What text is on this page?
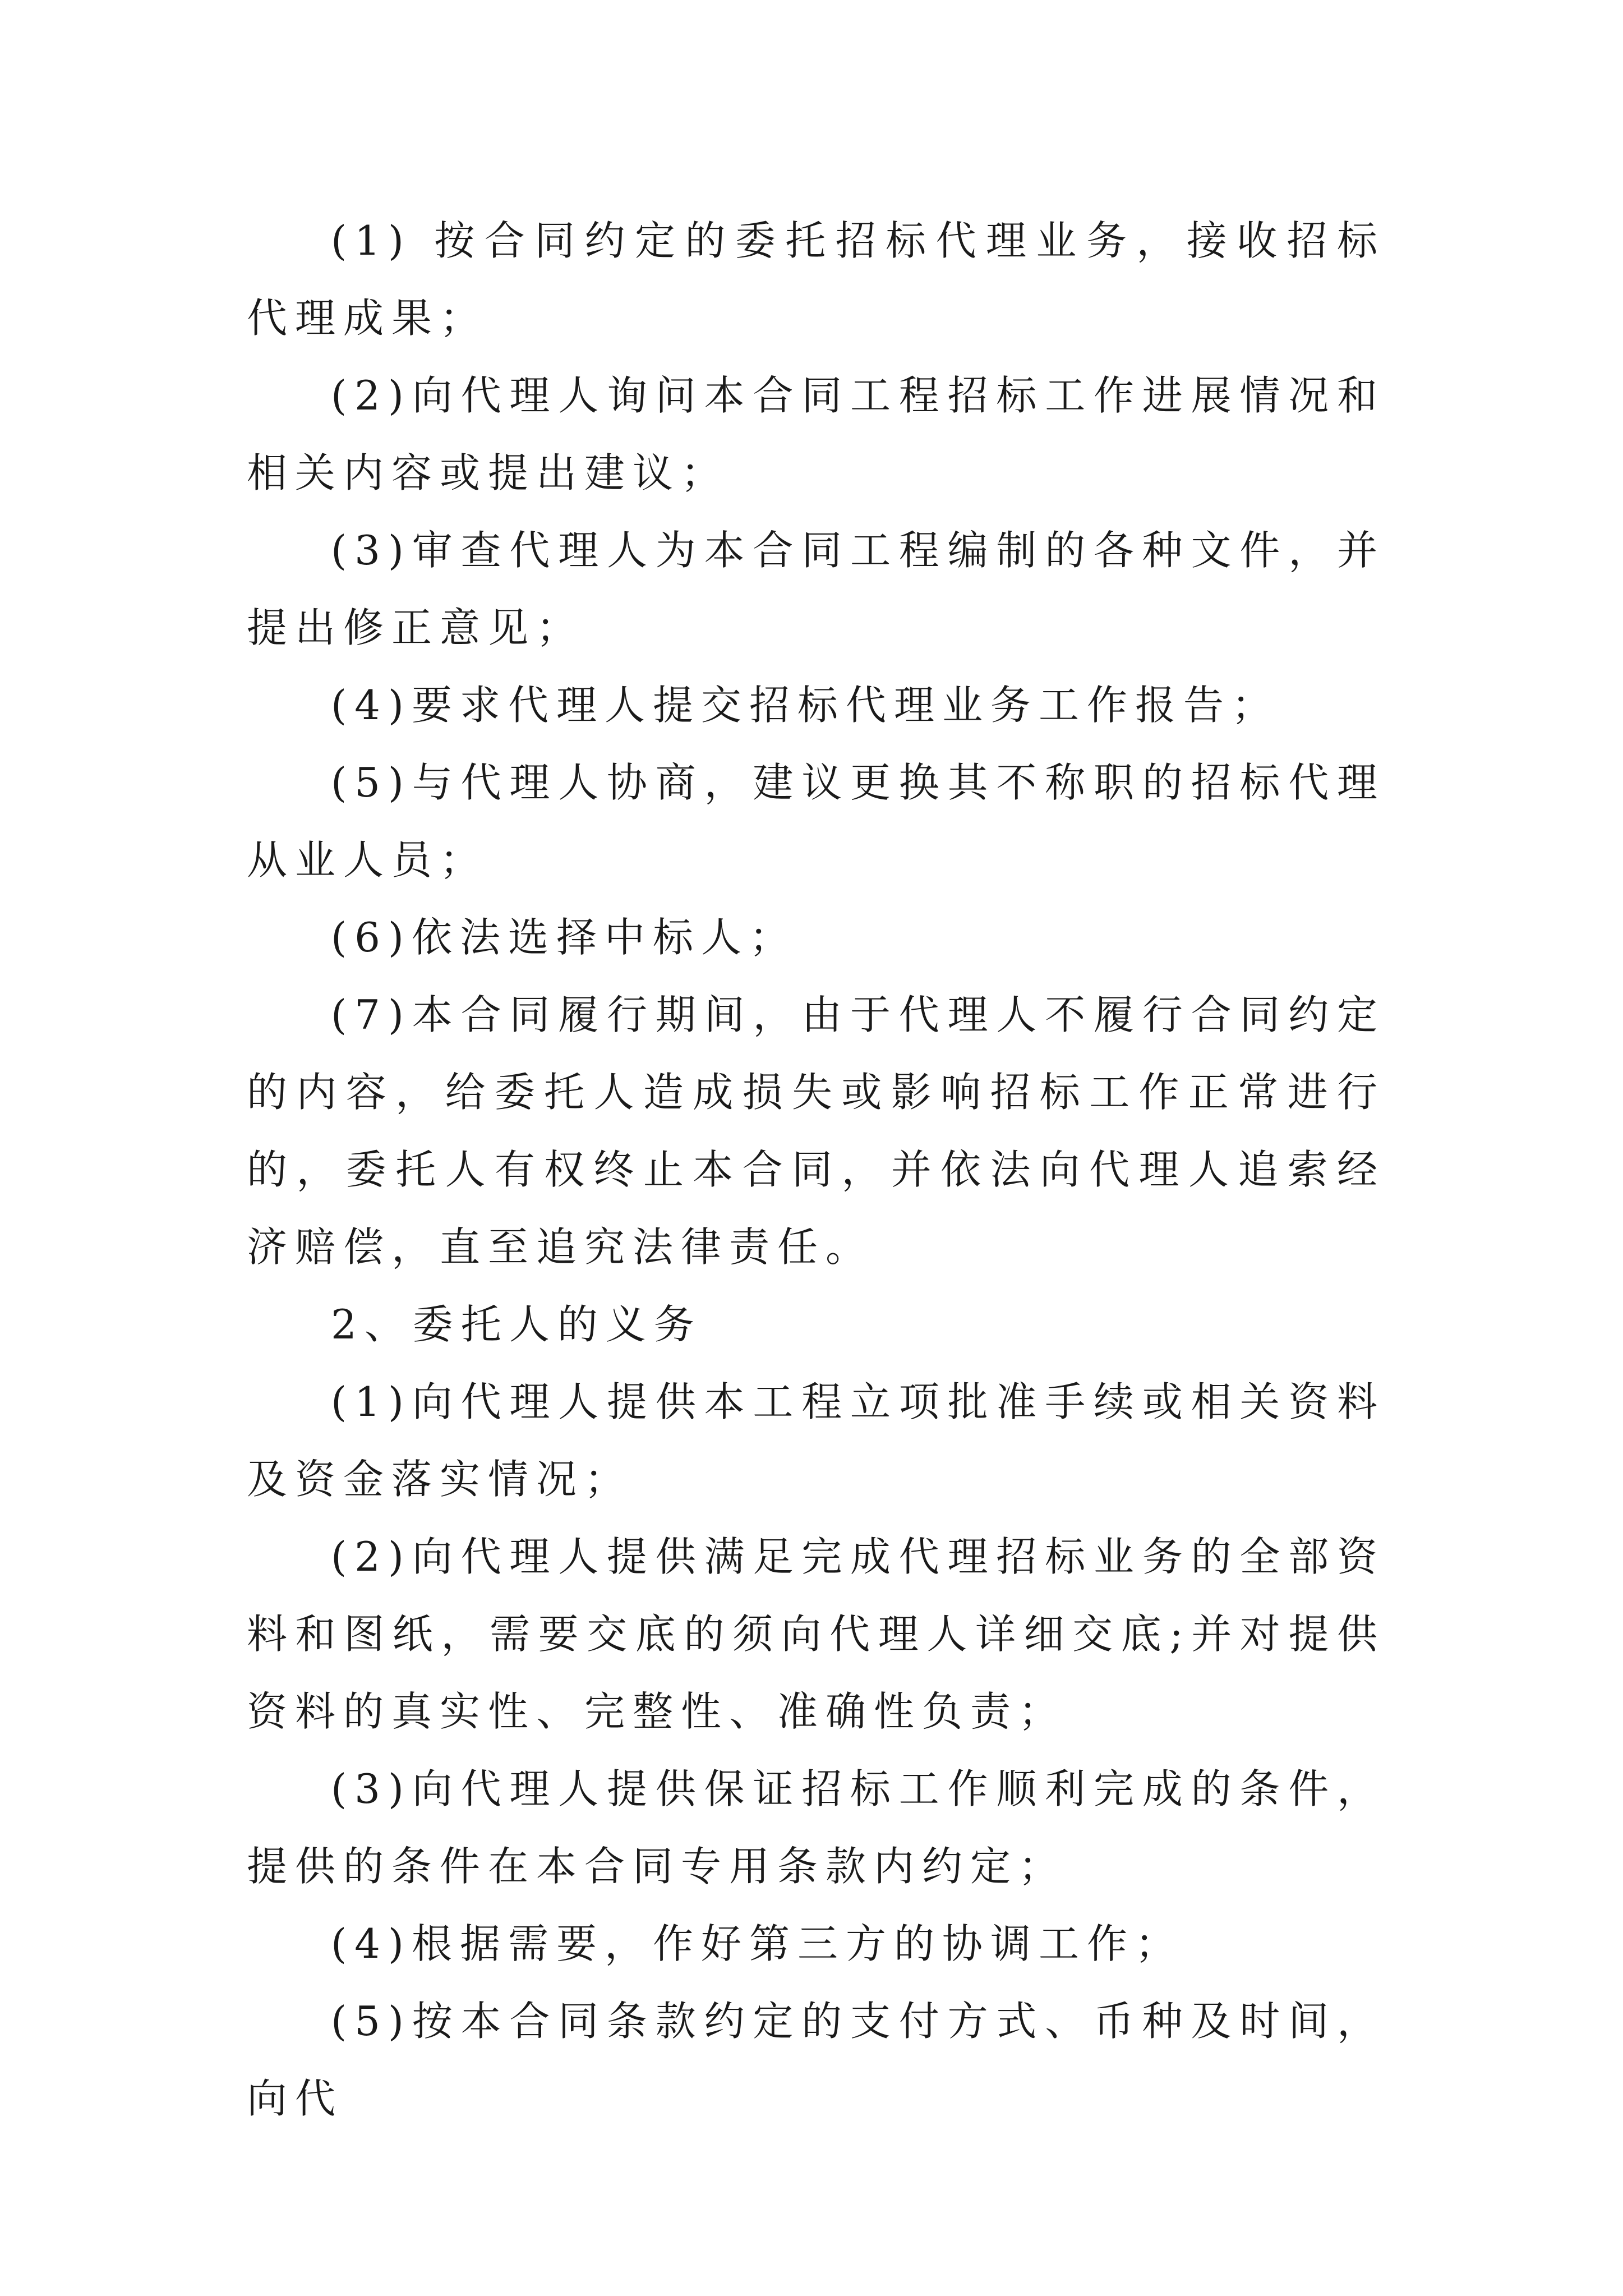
(1) 按合同约定的委托招标代理业务，接收招标代理成果；

(2)向代理人询问本合同工程招标工作进展情况和相关内容或提出建议；

(3)审查代理人为本合同工程编制的各种文件，并提出修正意见；

(4)要求代理人提交招标代理业务工作报告；

(5)与代理人协商，建议更换其不称职的招标代理从业人员；

(6)依法选择中标人；

(7)本合同履行期间，由于代理人不履行合同约定的内容，给委托人造成损失或影响招标工作正常进行的，委托人有权终止本合同，并依法向代理人追索经济赔偿，直至追究法律责任。

2、委托人的义务

(1)向代理人提供本工程立项批准手续或相关资料及资金落实情况；

(2)向代理人提供满足完成代理招标业务的全部资料和图纸，需要交底的须向代理人详细交底;并对提供资料的真实性、完整性、准确性负责；

(3)向代理人提供保证招标工作顺利完成的条件，提供的条件在本合同专用条款内约定；

(4)根据需要，作好第三方的协调工作；

(5)按本合同条款约定的支付方式、币种及时间，向代
